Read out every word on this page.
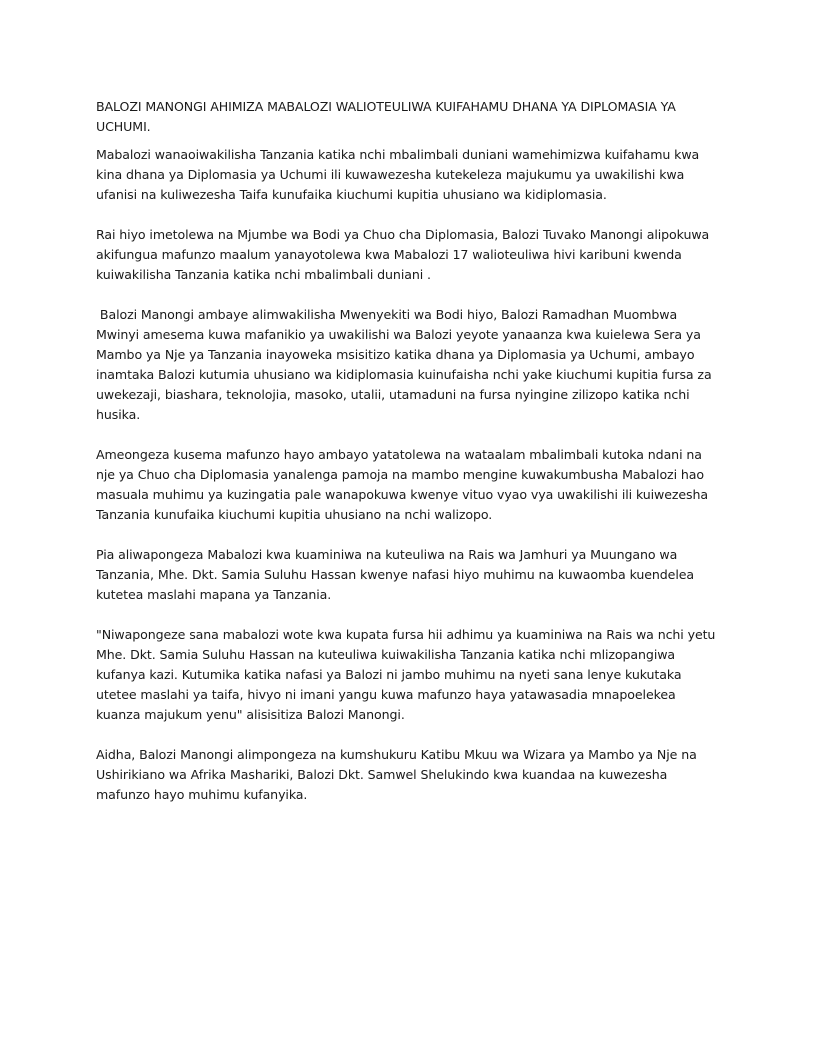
BALOZI MANONGI AHIMIZA MABALOZI WALIOTEULIWA KUIFAHAMU DHANA YA DIPLOMASIA YA UCHUMI.

Mabalozi wanaoiwakilisha Tanzania katika nchi mbalimbali duniani wamehimizwa kuifahamu kwa kina dhana ya Diplomasia ya Uchumi ili kuwawezesha kutekeleza majukumu ya uwakilishi kwa ufanisi na kuliwezesha Taifa kunufaika kiuchumi kupitia uhusiano wa kidiplomasia.

Rai hiyo imetolewa na Mjumbe wa Bodi ya Chuo cha Diplomasia, Balozi Tuvako Manongi alipokuwa akifungua mafunzo maalum yanayotolewa kwa Mabalozi 17 walioteuliwa hivi karibuni kwenda kuiwakilisha Tanzania katika nchi mbalimbali duniani .

Balozi Manongi ambaye alimwakilisha Mwenyekiti wa Bodi hiyo, Balozi Ramadhan Muombwa Mwinyi amesema kuwa mafanikio ya uwakilishi wa Balozi yeyote yanaanza kwa kuielewa Sera ya Mambo ya Nje ya Tanzania inayoweka msisitizo katika dhana ya Diplomasia ya Uchumi, ambayo inamtaka Balozi kutumia uhusiano wa kidiplomasia kuinufaisha nchi yake kiuchumi kupitia fursa za uwekezaji, biashara, teknolojia, masoko, utalii, utamaduni na fursa nyingine zilizopo katika nchi husika.

Ameongeza kusema mafunzo hayo ambayo yatatolewa na wataalam mbalimbali kutoka ndani na nje ya Chuo cha Diplomasia yanalenga pamoja na mambo mengine kuwakumbusha Mabalozi hao masuala muhimu ya kuzingatia pale wanapokuwa kwenye vituo vyao vya uwakilishi ili kuiwezesha Tanzania kunufaika kiuchumi kupitia uhusiano na nchi walizopo.

Pia aliwapongeza Mabalozi kwa kuaminiwa na kuteuliwa na Rais wa Jamhuri ya Muungano wa Tanzania, Mhe. Dkt. Samia Suluhu Hassan kwenye nafasi hiyo muhimu na kuwaomba kuendelea kutetea maslahi mapana ya Tanzania.

"Niwapongeze sana mabalozi wote kwa kupata fursa hii adhimu ya kuaminiwa na Rais wa nchi yetu Mhe. Dkt. Samia Suluhu Hassan na kuteuliwa kuiwakilisha Tanzania katika nchi mlizopangiwa kufanya kazi. Kutumika katika nafasi ya Balozi ni jambo muhimu na nyeti sana lenye kukutaka utetee maslahi ya taifa, hivyo ni imani yangu kuwa mafunzo haya yatawasadia mnapoelekea kuanza majukum yenu" alisisitiza Balozi Manongi.

Aidha, Balozi Manongi alimpongeza na kumshukuru Katibu Mkuu wa Wizara ya Mambo ya Nje na Ushirikiano wa Afrika Mashariki, Balozi Dkt. Samwel Shelukindo kwa kuandaa na kuwezesha mafunzo hayo muhimu kufanyika.
